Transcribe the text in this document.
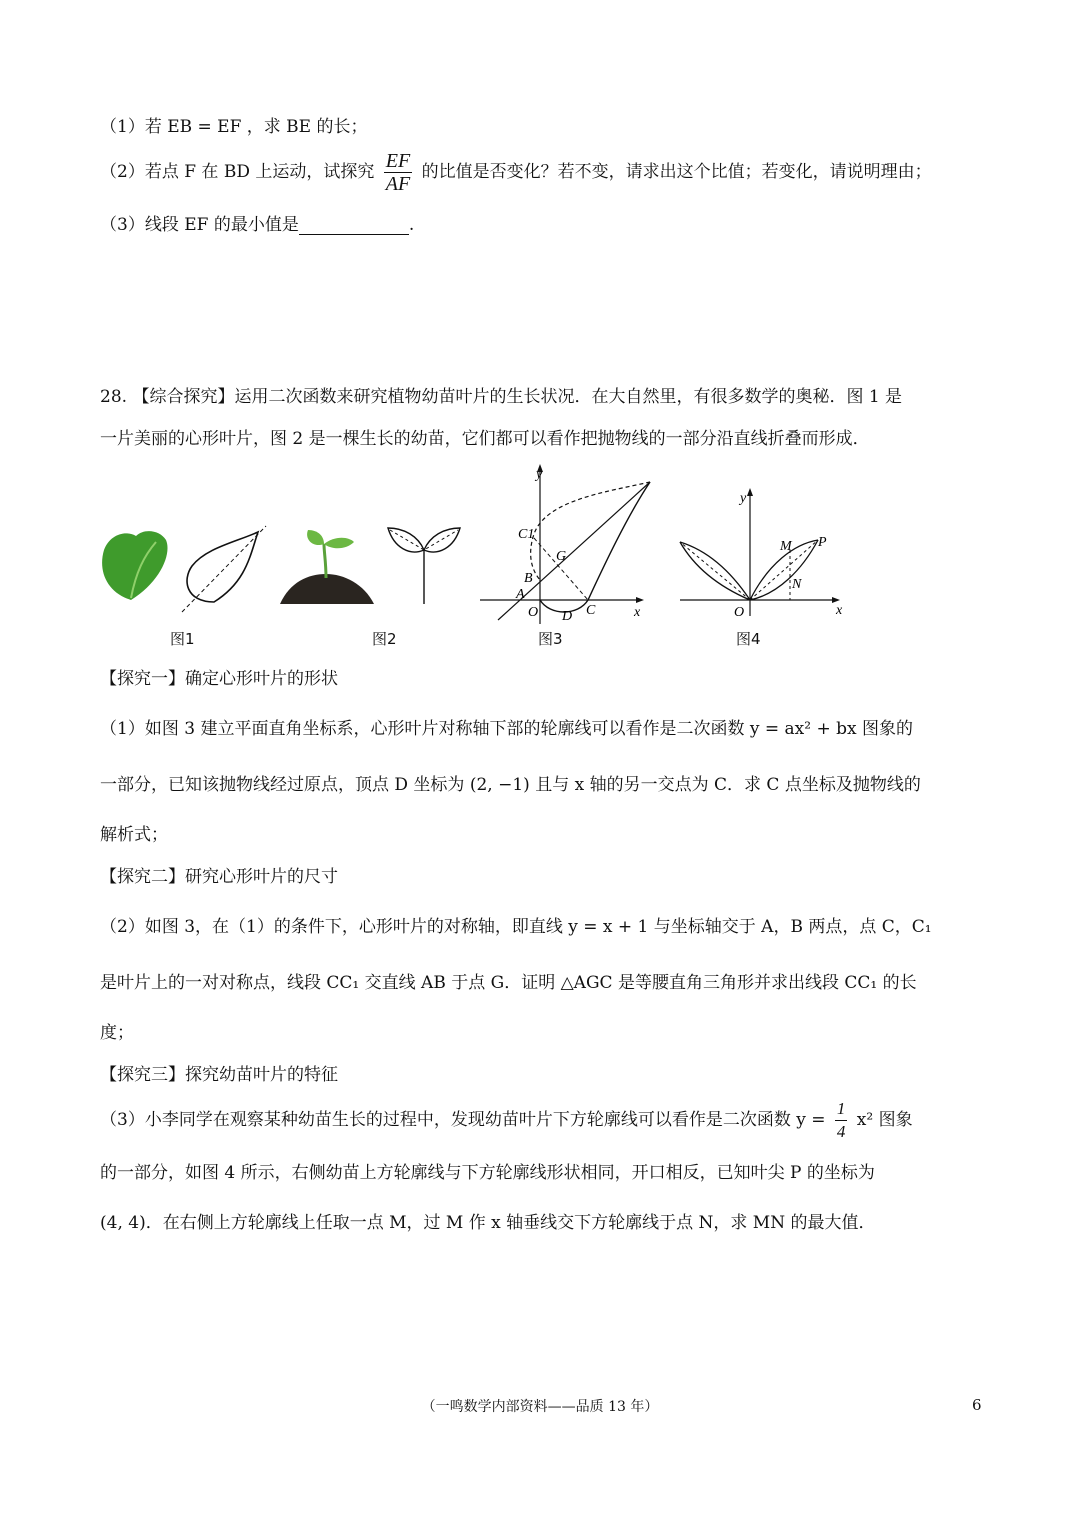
（1）若 EB = EF ，求 BE 的长；
（2）若点 F 在 BD 上运动，试探究 $\frac{EF}{AF}$ 的比值是否变化？若不变，请求出这个比值；若变化，请说明理由；
（3）线段 EF 的最小值是	.
28. 【综合探究】运用二次函数来研究植物幼苗叶片的生长状况．在大自然里，有很多数学的奥秘．图 1 是
一片美丽的心形叶片，图 2 是一棵生长的幼苗，它们都可以看作把抛物线的一部分沿直线折叠而形成．
图1	图2
y
x
O
A
B
C
C1
D
G
图3
y
x
O
M
N
P
图4
【探究一】确定心形叶片的形状
（1）如图 3 建立平面直角坐标系，心形叶片对称轴下部的轮廓线可以看作是二次函数 y = ax² + bx 图象的
一部分，已知该抛物线经过原点，顶点 D 坐标为 (2, −1) 且与 x 轴的另一交点为 C．求 C 点坐标及抛物线的
解析式；
【探究二】研究心形叶片的尺寸
（2）如图 3，在（1）的条件下，心形叶片的对称轴，即直线 y = x + 1 与坐标轴交于 A，B 两点，点 C，C₁
是叶片上的一对对称点，线段 CC₁ 交直线 AB 于点 G．证明 △AGC 是等腰直角三角形并求出线段 CC₁ 的长
度；
【探究三】探究幼苗叶片的特征
（3）小李同学在观察某种幼苗生长的过程中，发现幼苗叶片下方轮廓线可以看作是二次函数 $y = \frac{1}{4} x^2$ 图象
的一部分，如图 4 所示，右侧幼苗上方轮廓线与下方轮廓线形状相同，开口相反，已知叶尖 P 的坐标为
(4, 4)．在右侧上方轮廓线上任取一点 M，过 M 作 x 轴垂线交下方轮廓线于点 N，求 MN 的最大值．
（一鸣数学内部资料——品质 13 年）	6
